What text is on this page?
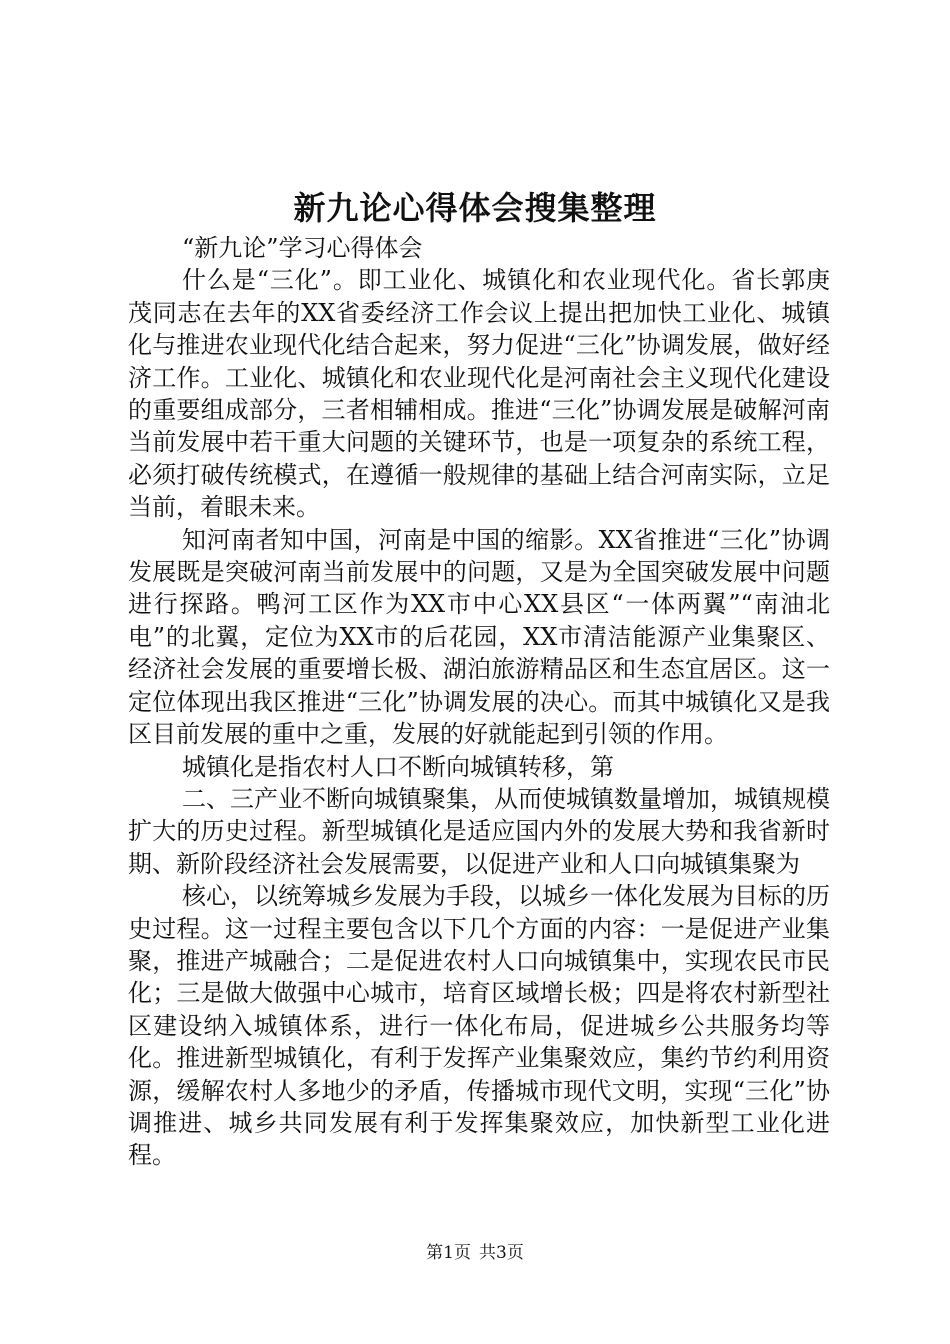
新九论心得体会搜集整理

“新九论”学习心得体会

什么是“三化”。即工业化、城镇化和农业现代化。省长郭庚茂同志在去年的XX省委经济工作会议上提出把加快工业化、城镇化与推进农业现代化结合起来，努力促进“三化”协调发展，做好经济工作。工业化、城镇化和农业现代化是河南社会主义现代化建设的重要组成部分，三者相辅相成。推进“三化”协调发展是破解河南当前发展中若干重大问题的关键环节，也是一项复杂的系统工程，必须打破传统模式，在遵循一般规律的基础上结合河南实际，立足当前，着眼未来。

知河南者知中国，河南是中国的缩影。XX省推进“三化”协调发展既是突破河南当前发展中的问题，又是为全国突破发展中问题进行探路。鸭河工区作为XX市中心XX县区“一体两翼”“南油北电”的北翼，定位为XX市的后花园，XX市清洁能源产业集聚区、经济社会发展的重要增长极、湖泊旅游精品区和生态宜居区。这一定位体现出我区推进“三化”协调发展的决心。而其中城镇化又是我区目前发展的重中之重，发展的好就能起到引领的作用。

城镇化是指农村人口不断向城镇转移，第

二、三产业不断向城镇聚集，从而使城镇数量增加，城镇规模扩大的历史过程。新型城镇化是适应国内外的发展大势和我省新时期、新阶段经济社会发展需要，以促进产业和人口向城镇集聚为

核心，以统筹城乡发展为手段，以城乡一体化发展为目标的历史过程。这一过程主要包含以下几个方面的内容：一是促进产业集聚，推进产城融合；二是促进农村人口向城镇集中，实现农民市民化；三是做大做强中心城市，培育区域增长极；四是将农村新型社区建设纳入城镇体系，进行一体化布局，促进城乡公共服务均等化。推进新型城镇化，有利于发挥产业集聚效应，集约节约利用资源，缓解农村人多地少的矛盾，传播城市现代文明，实现“三化”协调推进、城乡共同发展有利于发挥集聚效应，加快新型工业化进程。

第1页 共3页
